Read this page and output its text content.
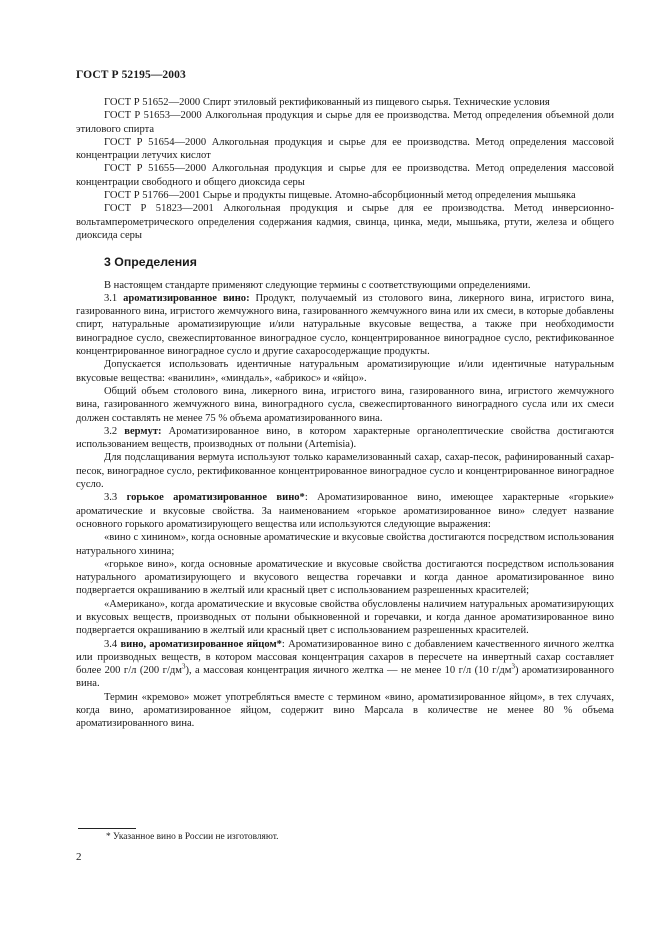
ГОСТ Р 52195—2003

ГОСТ Р 51652—2000 Спирт этиловый ректификованный из пищевого сырья. Технические условия

ГОСТ Р 51653—2000 Алкогольная продукция и сырье для ее производства. Метод определения объемной доли этилового спирта

ГОСТ Р 51654—2000 Алкогольная продукция и сырье для ее производства. Метод определения массовой концентрации летучих кислот

ГОСТ Р 51655—2000 Алкогольная продукция и сырье для ее производства. Метод определения массовой концентрации свободного и общего диоксида серы

ГОСТ Р 51766—2001 Сырье и продукты пищевые. Атомно-абсорбционный метод определения мышьяка

ГОСТ Р 51823—2001 Алкогольная продукция и сырье для ее производства. Метод инверсионно-вольтамперометрического определения содержания кадмия, свинца, цинка, меди, мышьяка, ртути, железа и общего диоксида серы

3 Определения

В настоящем стандарте применяют следующие термины с соответствующими определениями.

3.1 ароматизированное вино: Продукт, получаемый из столового вина, ликерного вина, игристого вина, газированного вина, игристого жемчужного вина, газированного жемчужного вина или их смеси, в которые добавлены спирт, натуральные ароматизирующие и/или натуральные вкусовые вещества, а также при необходимости виноградное сусло, свежеспиртованное виноградное сусло, концентрированное виноградное сусло, ректификованное концентрированное виноградное сусло и другие сахаросодержащие продукты.

Допускается использовать идентичные натуральным ароматизирующие и/или идентичные натуральным вкусовые вещества: «ванилин», «миндаль», «абрикос» и «яйцо».

Общий объем столового вина, ликерного вина, игристого вина, газированного вина, игристого жемчужного вина, газированного жемчужного вина, виноградного сусла, свежеспиртованного виноградного сусла или их смеси должен составлять не менее 75 % объема ароматизированного вина.

3.2 вермут: Ароматизированное вино, в котором характерные органолептические свойства достигаются использованием веществ, производных от полыни (Artemisia).

Для подслащивания вермута используют только карамелизованный сахар, сахар-песок, рафинированный сахар-песок, виноградное сусло, ректификованное концентрированное виноградное сусло и концентрированное виноградное сусло.

3.3 горькое ароматизированное вино*: Ароматизированное вино, имеющее характерные «горькие» ароматические и вкусовые свойства. За наименованием «горькое ароматизированное вино» следует название основного горького ароматизирующего вещества или используются следующие выражения:

«вино с хинином», когда основные ароматические и вкусовые свойства достигаются посредством использования натурального хинина;

«горькое вино», когда основные ароматические и вкусовые свойства достигаются посредством использования натурального ароматизирующего и вкусового вещества горечавки и когда данное ароматизированное вино подвергается окрашиванию в желтый или красный цвет с использованием разрешенных красителей;

«Американо», когда ароматические и вкусовые свойства обусловлены наличием натуральных ароматизирующих и вкусовых веществ, производных от полыни обыкновенной и горечавки, и когда данное ароматизированное вино подвергается окрашиванию в желтый или красный цвет с использованием разрешенных красителей.

3.4 вино, ароматизированное яйцом*: Ароматизированное вино с добавлением качественного яичного желтка или производных веществ, в котором массовая концентрация сахаров в пересчете на инвертный сахар составляет более 200 г/л (200 $г/дм^3$), а массовая концентрация яичного желтка — не менее 10 г/л (10 $г/дм^3$) ароматизированного вина.

Термин «кремово» может употребляться вместе с термином «вино, ароматизированное яйцом», в тех случаях, когда вино, ароматизированное яйцом, содержит вино Марсала в количестве не менее 80 % объема ароматизированного вина.

* Указанное вино в России не изготовляют.
2
